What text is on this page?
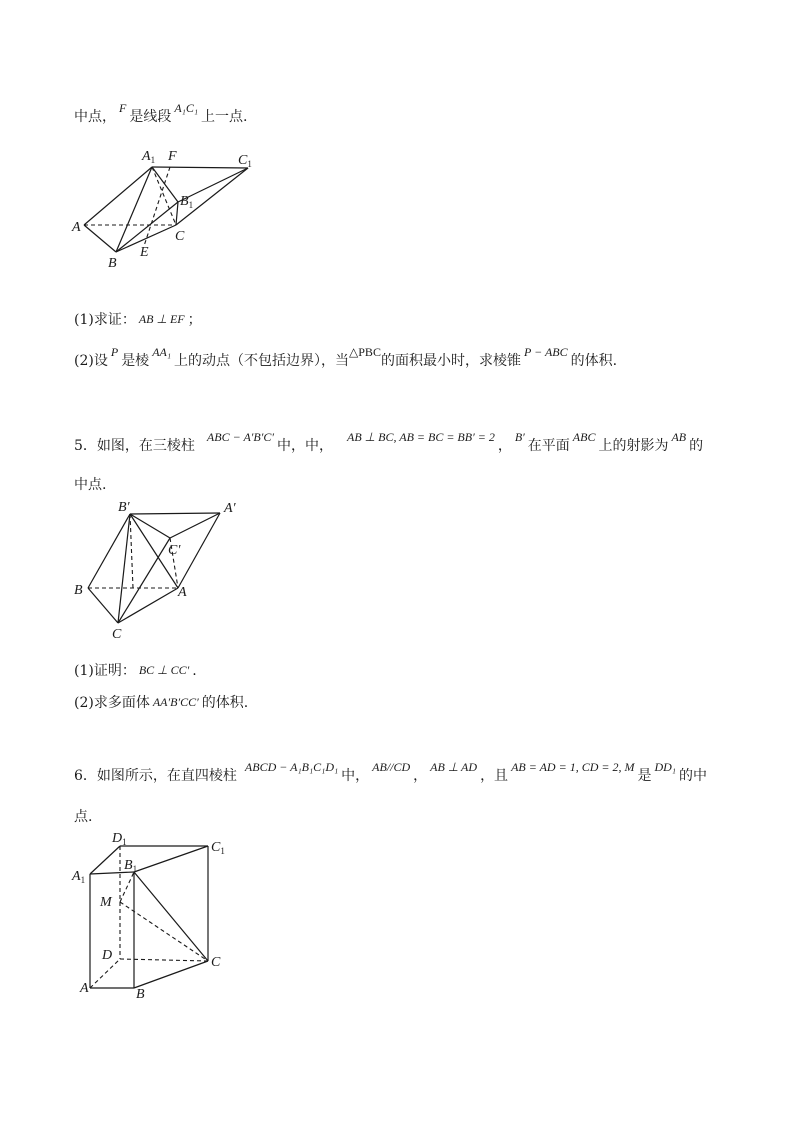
中点，F是线段A₁C₁上一点.
$A_1$ F	$C_1$
$B_1$
A
C
E
B
(1)求证： AB ⊥ EF ；
(2)设P是棱AA₁上的动点（不包括边界），当△PBC的面积最小时，求棱锥P − ABC的体积.
5．如图，在三棱柱ABC − A′B′C′中，中，AB ⊥ BC, AB = BC = BB′ = 2，B′在平面ABC上的射影为AB的
中点.
B′	A′
C′
B	A
C
(1)证明： BC ⊥ CC′ .
(2)求多面体 AA′B′CC′ 的体积.
6．如图所示，在直四棱柱ABCD − A₁B₁C₁D₁中，AB//CD，AB ⊥ AD，且AB = AD = 1, CD = 2, M是DD₁的中
点.
$D_1$	$C_1$
$B_1$
$A_1$
M
D	C
A	B
